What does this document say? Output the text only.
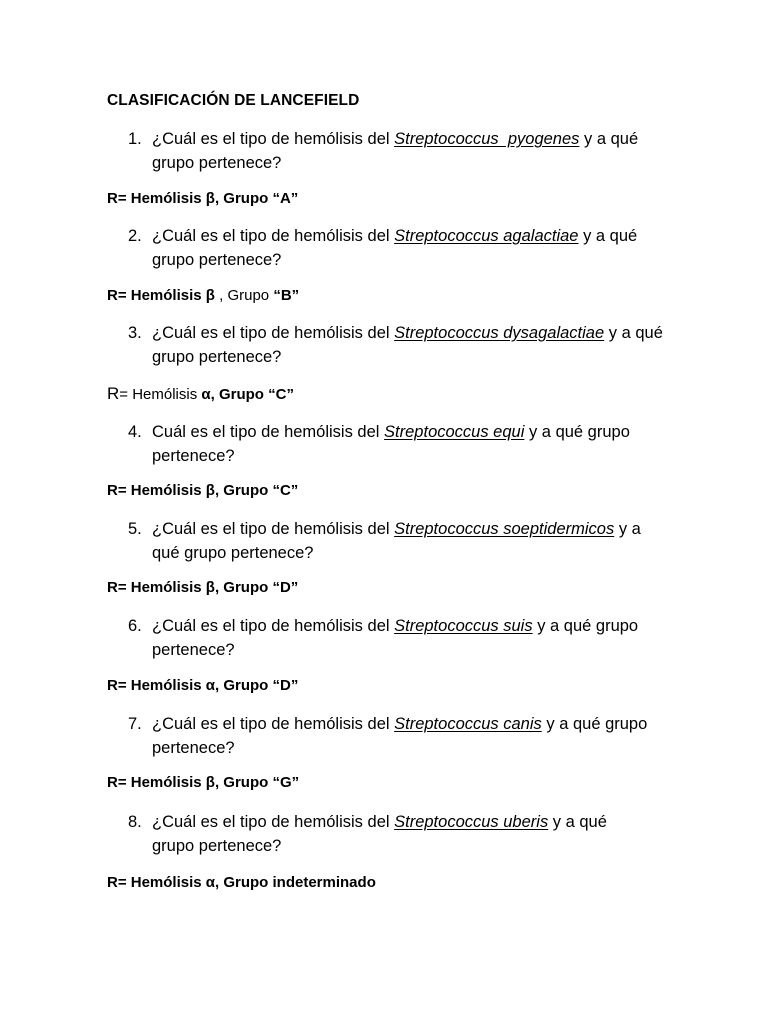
CLASIFICACIÓN DE LANCEFIELD
1. ¿Cuál es el tipo de hemólisis del Streptococcus  pyogenes y a qué grupo pertenece?
R= Hemólisis β, Grupo “A”
2. ¿Cuál es el tipo de hemólisis del Streptococcus agalactiae y a qué grupo pertenece?
R= Hemólisis β , Grupo “B”
3. ¿Cuál es el tipo de hemólisis del Streptococcus dysagalactiae y a qué grupo pertenece?
R= Hemólisis α, Grupo “C”
4. Cuál es el tipo de hemólisis del Streptococcus equi y a qué grupo pertenece?
R= Hemólisis β, Grupo “C”
5. ¿Cuál es el tipo de hemólisis del Streptococcus soeptidermicos y a qué grupo pertenece?
R= Hemólisis β, Grupo “D”
6. ¿Cuál es el tipo de hemólisis del Streptococcus suis y a qué grupo pertenece?
R= Hemólisis α, Grupo “D”
7. ¿Cuál es el tipo de hemólisis del Streptococcus canis y a qué grupo pertenece?
R= Hemólisis β, Grupo “G”
8. ¿Cuál es el tipo de hemólisis del Streptococcus uberis y a qué grupo pertenece?
R= Hemólisis α, Grupo indeterminado
